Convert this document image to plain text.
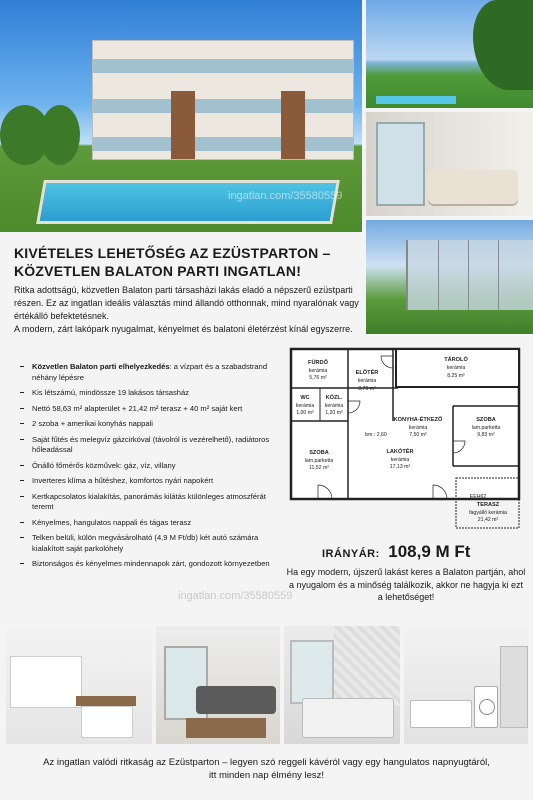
ingatlan.com/35580559
KIVÉTELES LEHETŐSÉG AZ EZÜSTPARTON –
KÖZVETLEN BALATON PARTI INGATLAN!

Ritka adottságú, közvetlen Balaton parti társasházi lakás eladó a népszerű ezüstparti részen. Ez az ingatlan ideális választás mind állandó otthonnak, mind nyaralónak vagy értékálló befektetésnek.

A modern, zárt lakópark nyugalmat, kényelmet és balatoni életérzést kínál egyszerre.

Közvetlen Balaton parti elhelyezkedés: a vízpart és a szabadstrand néhány lépésre
Kis létszámú, mindössze 19 lakásos társasház
Nettó 58,63 m² alapterület + 21,42 m² terasz + 40 m² saját kert
2 szoba + amerikai konyhás nappali
Saját fűtés és melegvíz gázcirkóval (távolról is vezérelhető), radiátoros hőleadással
Önálló főmérős közművek: gáz, víz, villany
Inverteres klíma a hűtéshez, komfortos nyári napokért
Kertkapcsolatos kialakítás, panorámás kilátás különleges atmoszférát teremt
Kényelmes, hangulatos nappali és tágas terasz
Telken belüli, külön megvásárolható (4,9 M Ft/db) két autó számára kialakított saját parkolóhely
Biztonságos és kényelmes mindennapok zárt, gondozott környezetben
FÜRDŐ
kerámia
5,76 m²
ELŐTÉR
kerámia
3,79 m²
WC
kerámia
1,00 m²
KÖZL.
kerámia
1,20 m²
TÁROLÓ
kerámia
8,25 m²
KONYHA-ÉTKEZŐ
kerámia
7,50 m²
bm.: 2,60
SZOBA
lam.parketta
11,52 m²
LAKÓTÉR
kerámia
17,13 m²
SZOBA
lam.parketta
9,83 m²
EEH62
TERASZ
fagyálló kerámia
21,42 m²
IRÁNYÁR: 108,9 M Ft
Ha egy modern, újszerű lakást keres a Balaton partján, ahol a nyugalom és a minőség találkozik, akkor ne hagyja ki ezt a lehetőséget!
ingatlan.com/35580559
Az ingatlan valódi ritkaság az Ezüstparton – legyen szó reggeli kávéról vagy egy hangulatos napnyugtáról,
itt minden nap élmény lesz!
